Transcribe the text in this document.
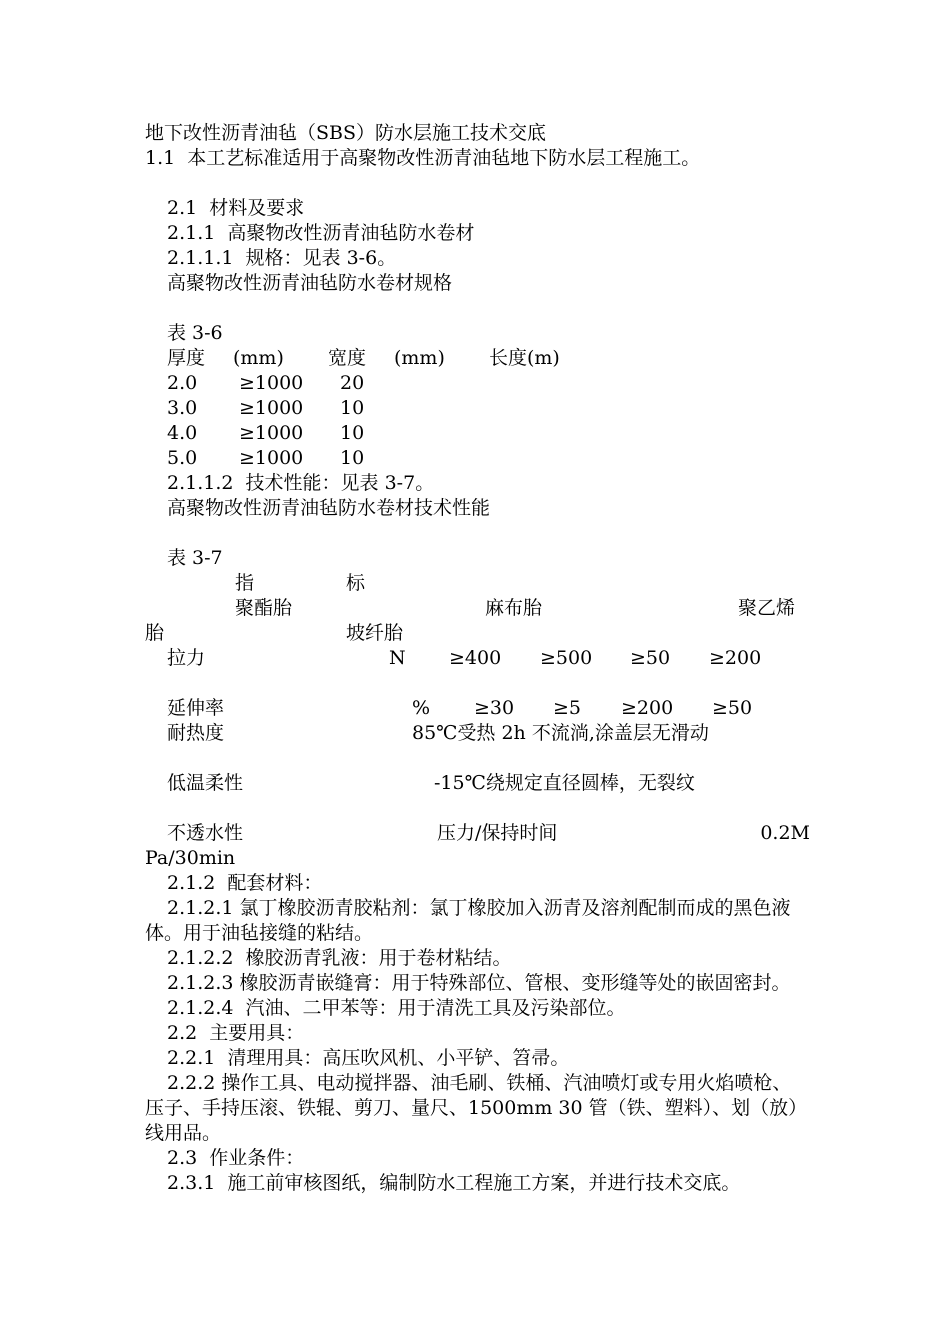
地下改性沥青油毡（SBS）防水层施工技术交底
1.1  本工艺标准适用于高聚物改性沥青油毡地下防水层工程施工。
2.1  材料及要求
2.1.1  高聚物改性沥青油毡防水卷材
2.1.1.1  规格：见表 3-6。
高聚物改性沥青油毡防水卷材规格
表 3-6
厚度	(mm)	宽度	(mm)	长度(m)
2.0	≥1000	20
3.0	≥1000	10
4.0	≥1000	10
5.0	≥1000	10
2.1.1.2  技术性能：见表 3-7。
高聚物改性沥青油毡防水卷材技术性能
表 3-7
指	标
聚酯胎	麻布胎	聚乙烯
胎	坡纤胎
拉力	N	≥400	≥500	≥50	≥200
延伸率	%	≥30	≥5	≥200	≥50
耐热度	85℃受热 2h 不流淌,涂盖层无滑动
低温柔性	-15℃绕规定直径圆棒，无裂纹
不透水性	压力/保持时间	0.2M
Pa/30min
2.1.2  配套材料：
2.1.2.1 氯丁橡胶沥青胶粘剂：氯丁橡胶加入沥青及溶剂配制而成的黑色液体。用于油毡接缝的粘结。
2.1.2.2  橡胶沥青乳液：用于卷材粘结。
2.1.2.3 橡胶沥青嵌缝膏：用于特殊部位、管根、变形缝等处的嵌固密封。
2.1.2.4  汽油、二甲苯等：用于清洗工具及污染部位。
2.2  主要用具：
2.2.1  清理用具：高压吹风机、小平铲、笤帚。
2.2.2 操作工具、电动搅拌器、油毛刷、铁桶、汽油喷灯或专用火焰喷枪、压子、手持压滚、铁辊、剪刀、量尺、1500mm 30 管（铁、塑料）、划（放）线用品。
2.3  作业条件：
2.3.1  施工前审核图纸，编制防水工程施工方案，并进行技术交底。
